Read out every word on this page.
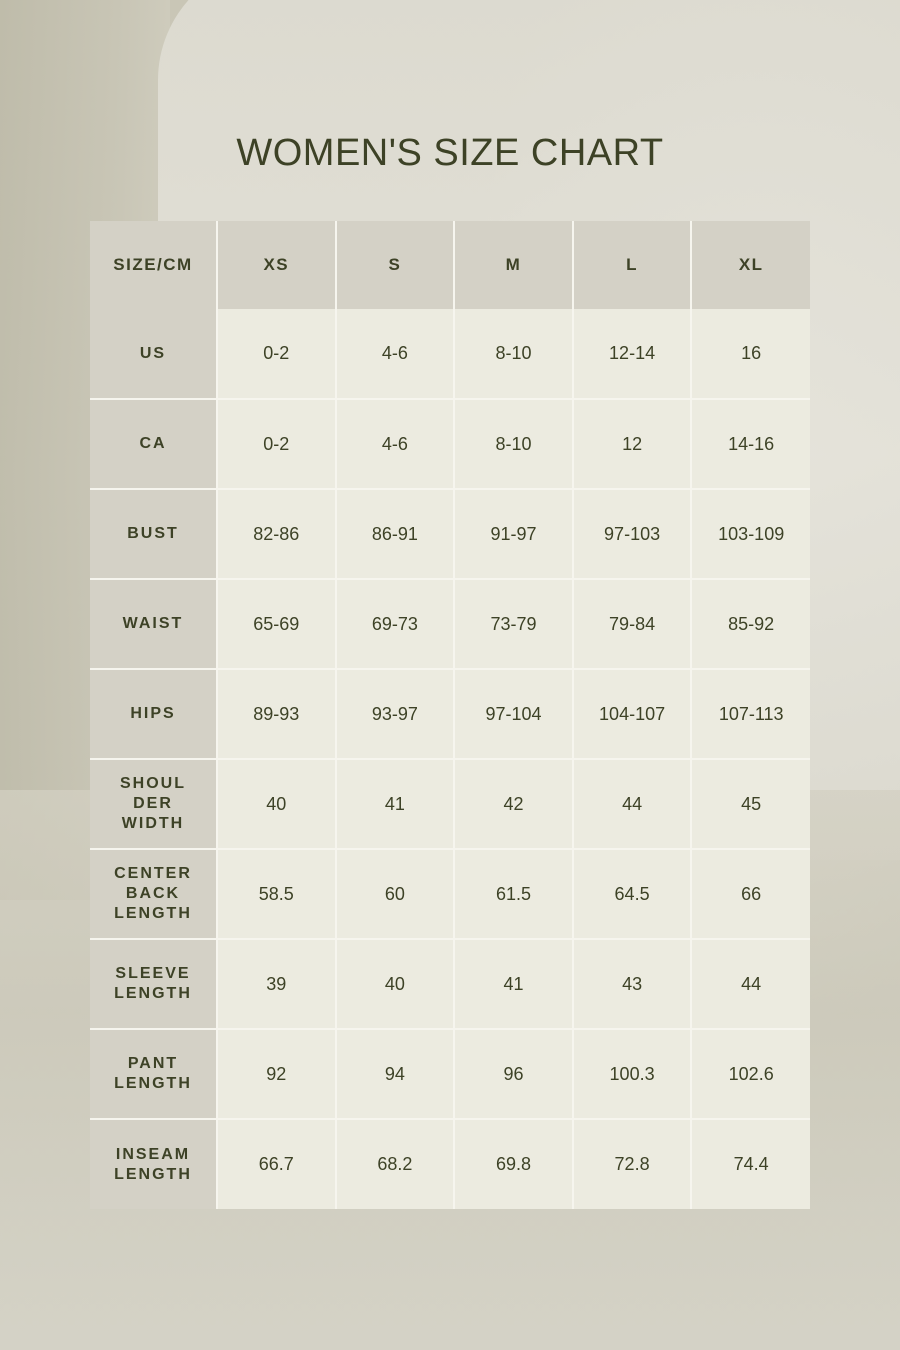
WOMEN'S SIZE CHART
SIZE/CM	XS	S	M	L	XL
US	0-2	4-6	8-10	12-14	16
CA	0-2	4-6	8-10	12	14-16
BUST	82-86	86-91	91-97	97-103	103-109
WAIST	65-69	69-73	73-79	79-84	85-92
HIPS	89-93	93-97	97-104	104-107	107-113

SHOUL
DER
WIDTH	40	41	42	44	45

CENTER
BACK
LENGTH	58.5	60	61.5	64.5	66

SLEEVE
LENGTH	39	40	41	43	44

PANT
LENGTH	92	94	96	100.3	102.6

INSEAM
LENGTH	66.7	68.2	69.8	72.8	74.4
